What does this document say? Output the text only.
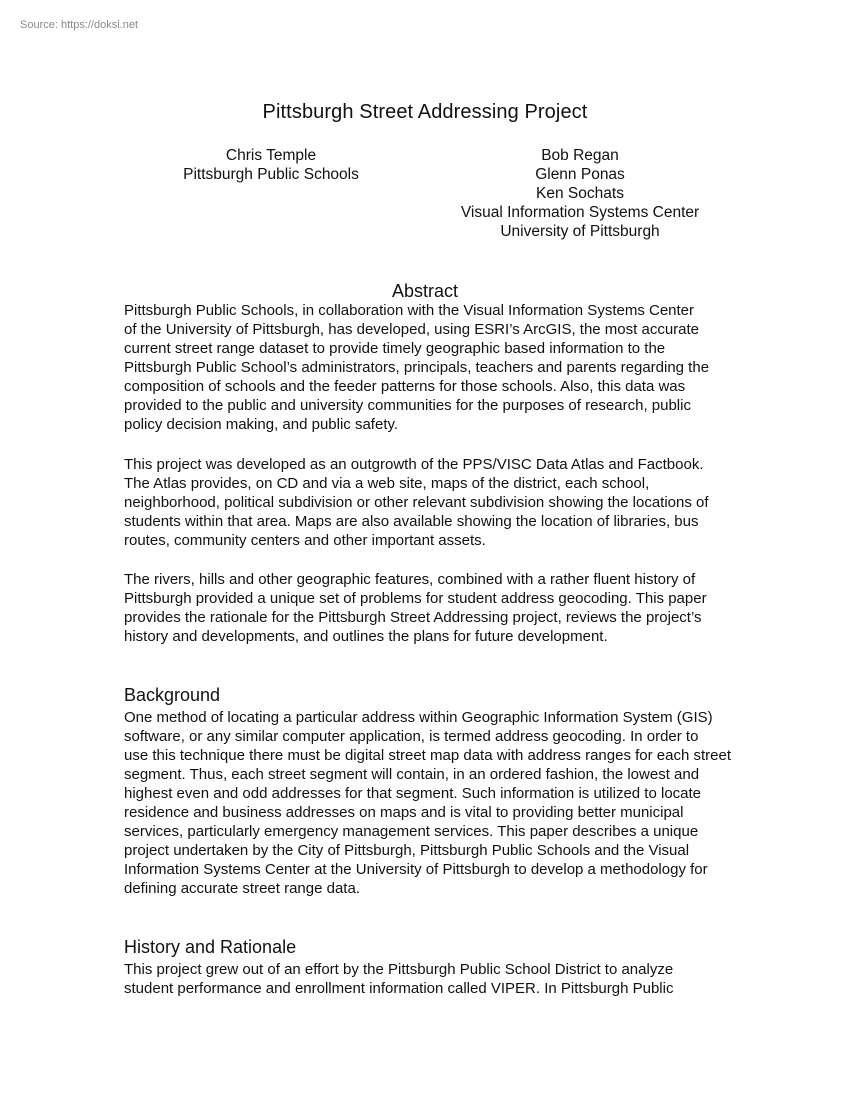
Source: https://doksi.net
Pittsburgh Street Addressing Project
Chris Temple
Pittsburgh Public Schools
Bob Regan
Glenn Ponas
Ken Sochats
Visual Information Systems Center
University of Pittsburgh
Abstract
Pittsburgh Public Schools, in collaboration with the Visual Information Systems Center
of the University of Pittsburgh, has developed, using ESRI’s ArcGIS, the most accurate
current street range dataset to provide timely geographic based information to the
Pittsburgh Public School’s administrators, principals, teachers and parents regarding the
composition of schools and the feeder patterns for those schools. Also, this data was
provided to the public and university communities for the purposes of research, public
policy decision making, and public safety.
This project was developed as an outgrowth of the PPS/VISC Data Atlas and Factbook.
The Atlas provides, on CD and via a web site, maps of the district, each school,
neighborhood, political subdivision or other relevant subdivision showing the locations of
students within that area. Maps are also available showing the location of libraries, bus
routes, community centers and other important assets.
The rivers, hills and other geographic features, combined with a rather fluent history of
Pittsburgh provided a unique set of problems for student address geocoding. This paper
provides the rationale for the Pittsburgh Street Addressing project, reviews the project’s
history and developments, and outlines the plans for future development.
Background
One method of locating a particular address within Geographic Information System (GIS)
software, or any similar computer application, is termed address geocoding. In order to
use this technique there must be digital street map data with address ranges for each street
segment. Thus, each street segment will contain, in an ordered fashion, the lowest and
highest even and odd addresses for that segment. Such information is utilized to locate
residence and business addresses on maps and is vital to providing better municipal
services, particularly emergency management services. This paper describes a unique
project undertaken by the City of Pittsburgh, Pittsburgh Public Schools and the Visual
Information Systems Center at the University of Pittsburgh to develop a methodology for
defining accurate street range data.
History and Rationale
This project grew out of an effort by the Pittsburgh Public School District to analyze
student performance and enrollment information called VIPER. In Pittsburgh Public
